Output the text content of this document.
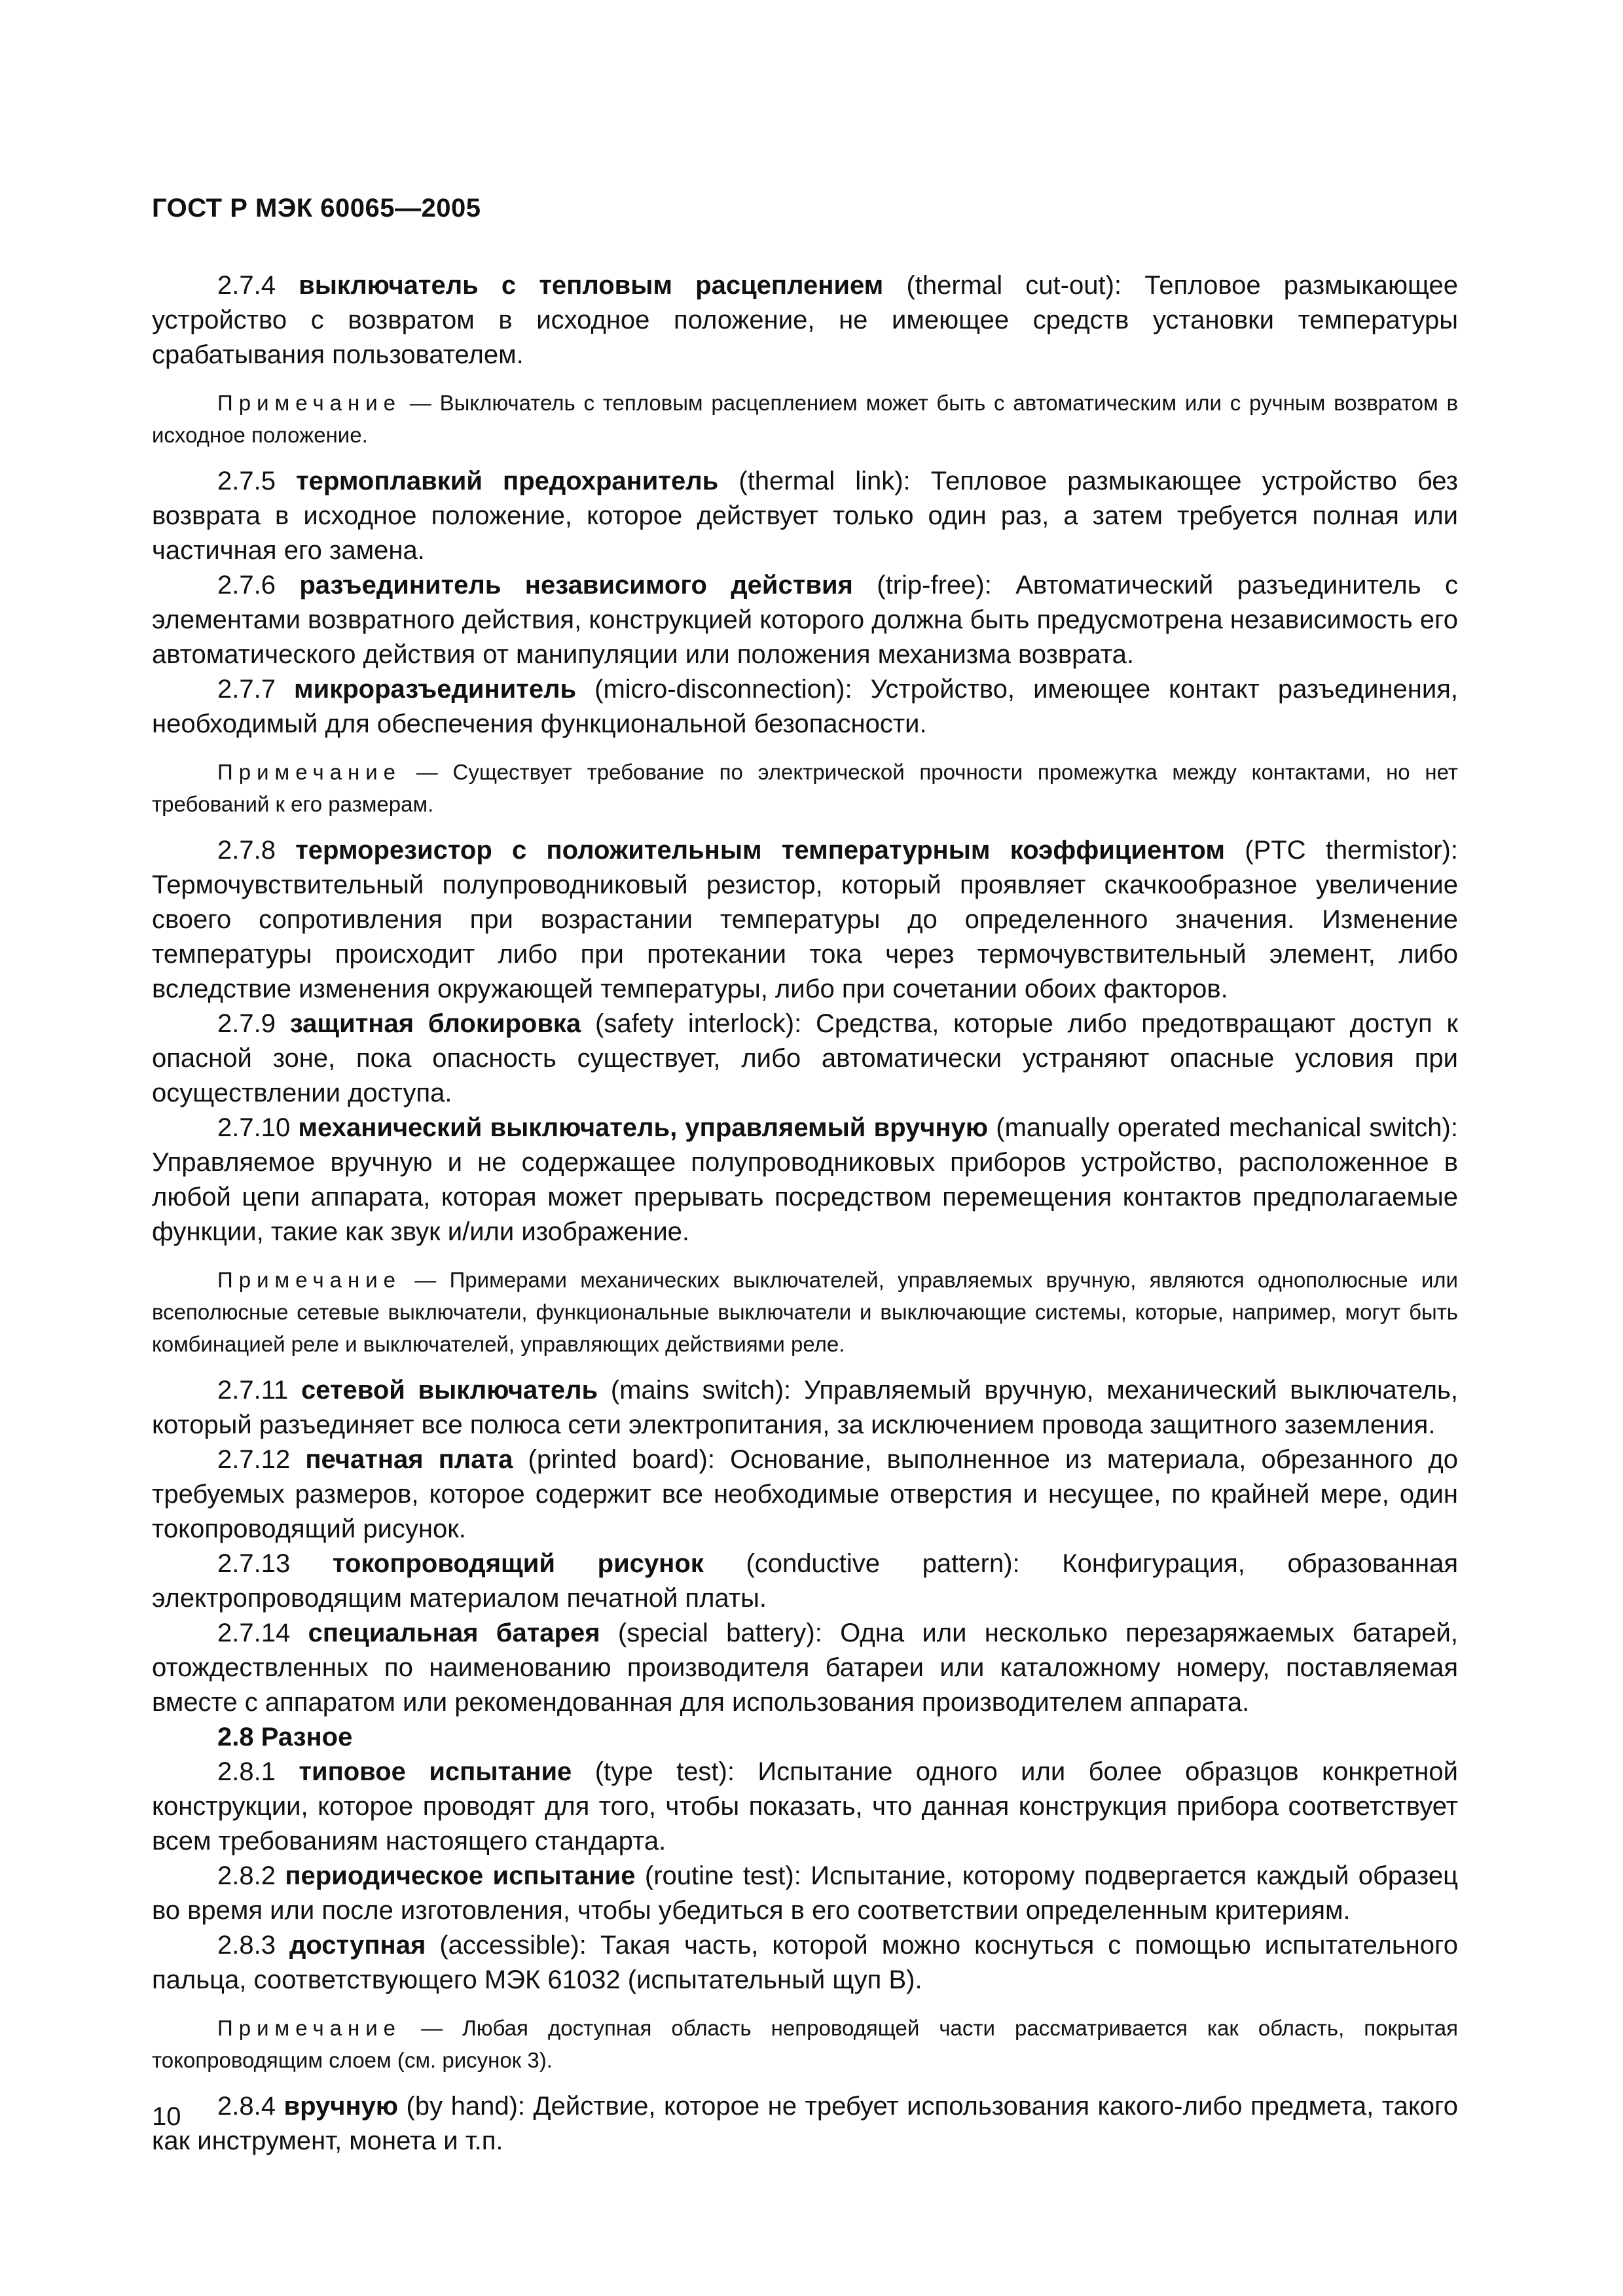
ГОСТ Р МЭК 60065—2005

2.7.4 выключатель с тепловым расцеплением (thermal cut-out): Тепловое размыкающее устройство с возвратом в исходное положение, не имеющее средств установки температуры срабатывания пользователем.

Примечание — Выключатель с тепловым расцеплением может быть с автоматическим или с ручным возвратом в исходное положение.

2.7.5 термоплавкий предохранитель (thermal link): Тепловое размыкающее устройство без возврата в исходное положение, которое действует только один раз, а затем требуется полная или частичная его замена.

2.7.6 разъединитель независимого действия (trip-free): Автоматический разъединитель с элементами возвратного действия, конструкцией которого должна быть предусмотрена независимость его автоматического действия от манипуляции или положения механизма возврата.

2.7.7 микроразъединитель (micro-disconnection): Устройство, имеющее контакт разъединения, необходимый для обеспечения функциональной безопасности.

Примечание — Существует требование по электрической прочности промежутка между контактами, но нет требований к его размерам.

2.7.8 терморезистор с положительным температурным коэффициентом (PTC thermistor): Термочувствительный полупроводниковый резистор, который проявляет скачкообразное увеличение своего сопротивления при возрастании температуры до определенного значения. Изменение температуры происходит либо при протекании тока через термочувствительный элемент, либо вследствие изменения окружающей температуры, либо при сочетании обоих факторов.

2.7.9 защитная блокировка (safety interlock): Средства, которые либо предотвращают доступ к опасной зоне, пока опасность существует, либо автоматически устраняют опасные условия при осуществлении доступа.

2.7.10 механический выключатель, управляемый вручную (manually operated mechanical switch): Управляемое вручную и не содержащее полупроводниковых приборов устройство, расположенное в любой цепи аппарата, которая может прерывать посредством перемещения контактов предполагаемые функции, такие как звук и/или изображение.

Примечание — Примерами механических выключателей, управляемых вручную, являются однополюсные или всеполюсные сетевые выключатели, функциональные выключатели и выключающие системы, которые, например, могут быть комбинацией реле и выключателей, управляющих действиями реле.

2.7.11 сетевой выключатель (mains switch): Управляемый вручную, механический выключатель, который разъединяет все полюса сети электропитания, за исключением провода защитного заземления.

2.7.12 печатная плата (printed board): Основание, выполненное из материала, обрезанного до требуемых размеров, которое содержит все необходимые отверстия и несущее, по крайней мере, один токопроводящий рисунок.

2.7.13 токопроводящий рисунок (conductive pattern): Конфигурация, образованная электропроводящим материалом печатной платы.

2.7.14 специальная батарея (special battery): Одна или несколько перезаряжаемых батарей, отождествленных по наименованию производителя батареи или каталожному номеру, поставляемая вместе с аппаратом или рекомендованная для использования производителем аппарата.

2.8 Разное

2.8.1 типовое испытание (type test): Испытание одного или более образцов конкретной конструкции, которое проводят для того, чтобы показать, что данная конструкция прибора соответствует всем требованиям настоящего стандарта.

2.8.2 периодическое испытание (routine test): Испытание, которому подвергается каждый образец во время или после изготовления, чтобы убедиться в его соответствии определенным критериям.

2.8.3 доступная (accessible): Такая часть, которой можно коснуться с помощью испытательного пальца, соответствующего МЭК 61032 (испытательный щуп В).

Примечание — Любая доступная область непроводящей части рассматривается как область, покрытая токопроводящим слоем (см. рисунок 3).

2.8.4 вручную (by hand): Действие, которое не требует использования какого-либо предмета, такого как инструмент, монета и т.п.

10
